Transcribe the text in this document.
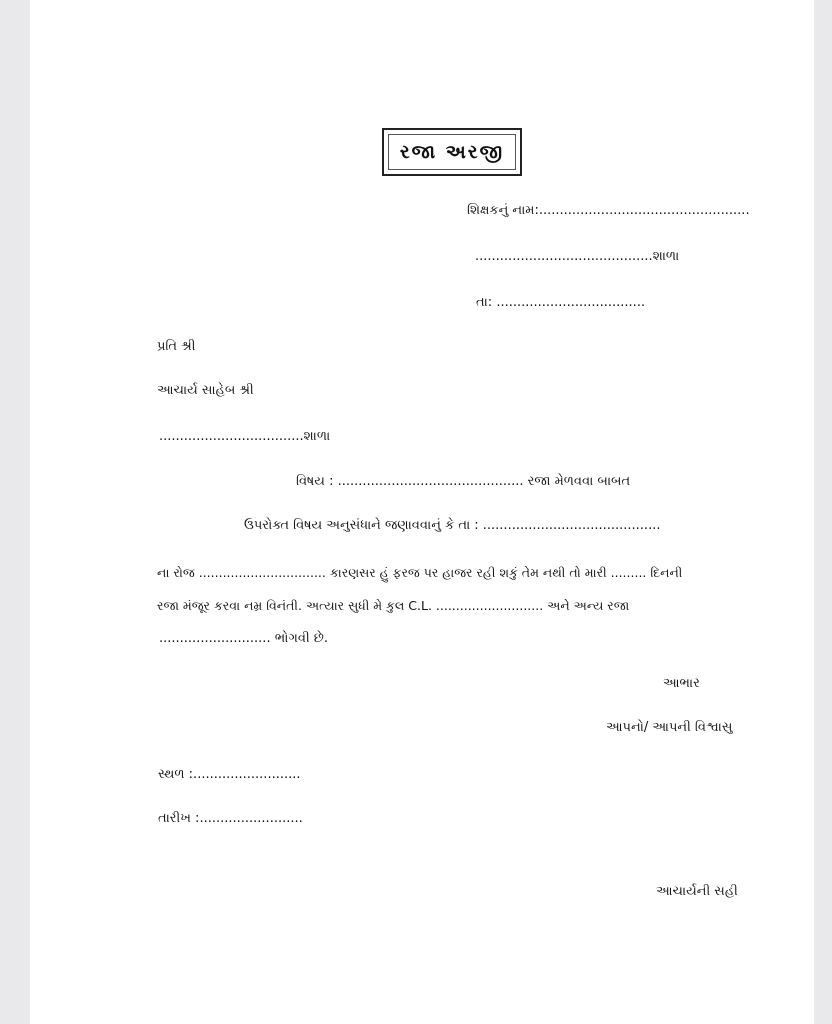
રજા અરજી
શિક્ષકનું નામ:...................................................
...........................................શાળા
તા: ....................................
પ્રતિ શ્રી
આચાર્ય સાહેબ શ્રી
...................................શાળા
વિષય : ............................................. રજા મેળવવા બાબત
ઉપરોક્ત વિષય અનુસંધાને જણાવવાનું કે તા : ...........................................
ના રોજ ................................ કારણસર હું ફરજ પર હાજર રહી શકું તેમ નથી તો મારી ......... દિનની
રજા મંજૂર કરવા નમ્ર વિનંતી. અત્યાર સુધી મે કુલ C.L. ........................... અને અન્ય રજા
........................... ભોગવી છે.
આભાર
આપનો/ આપની વિશ્વાસુ
સ્થળ :..........................
તારીખ :.........................
આચાર્યની સહી
